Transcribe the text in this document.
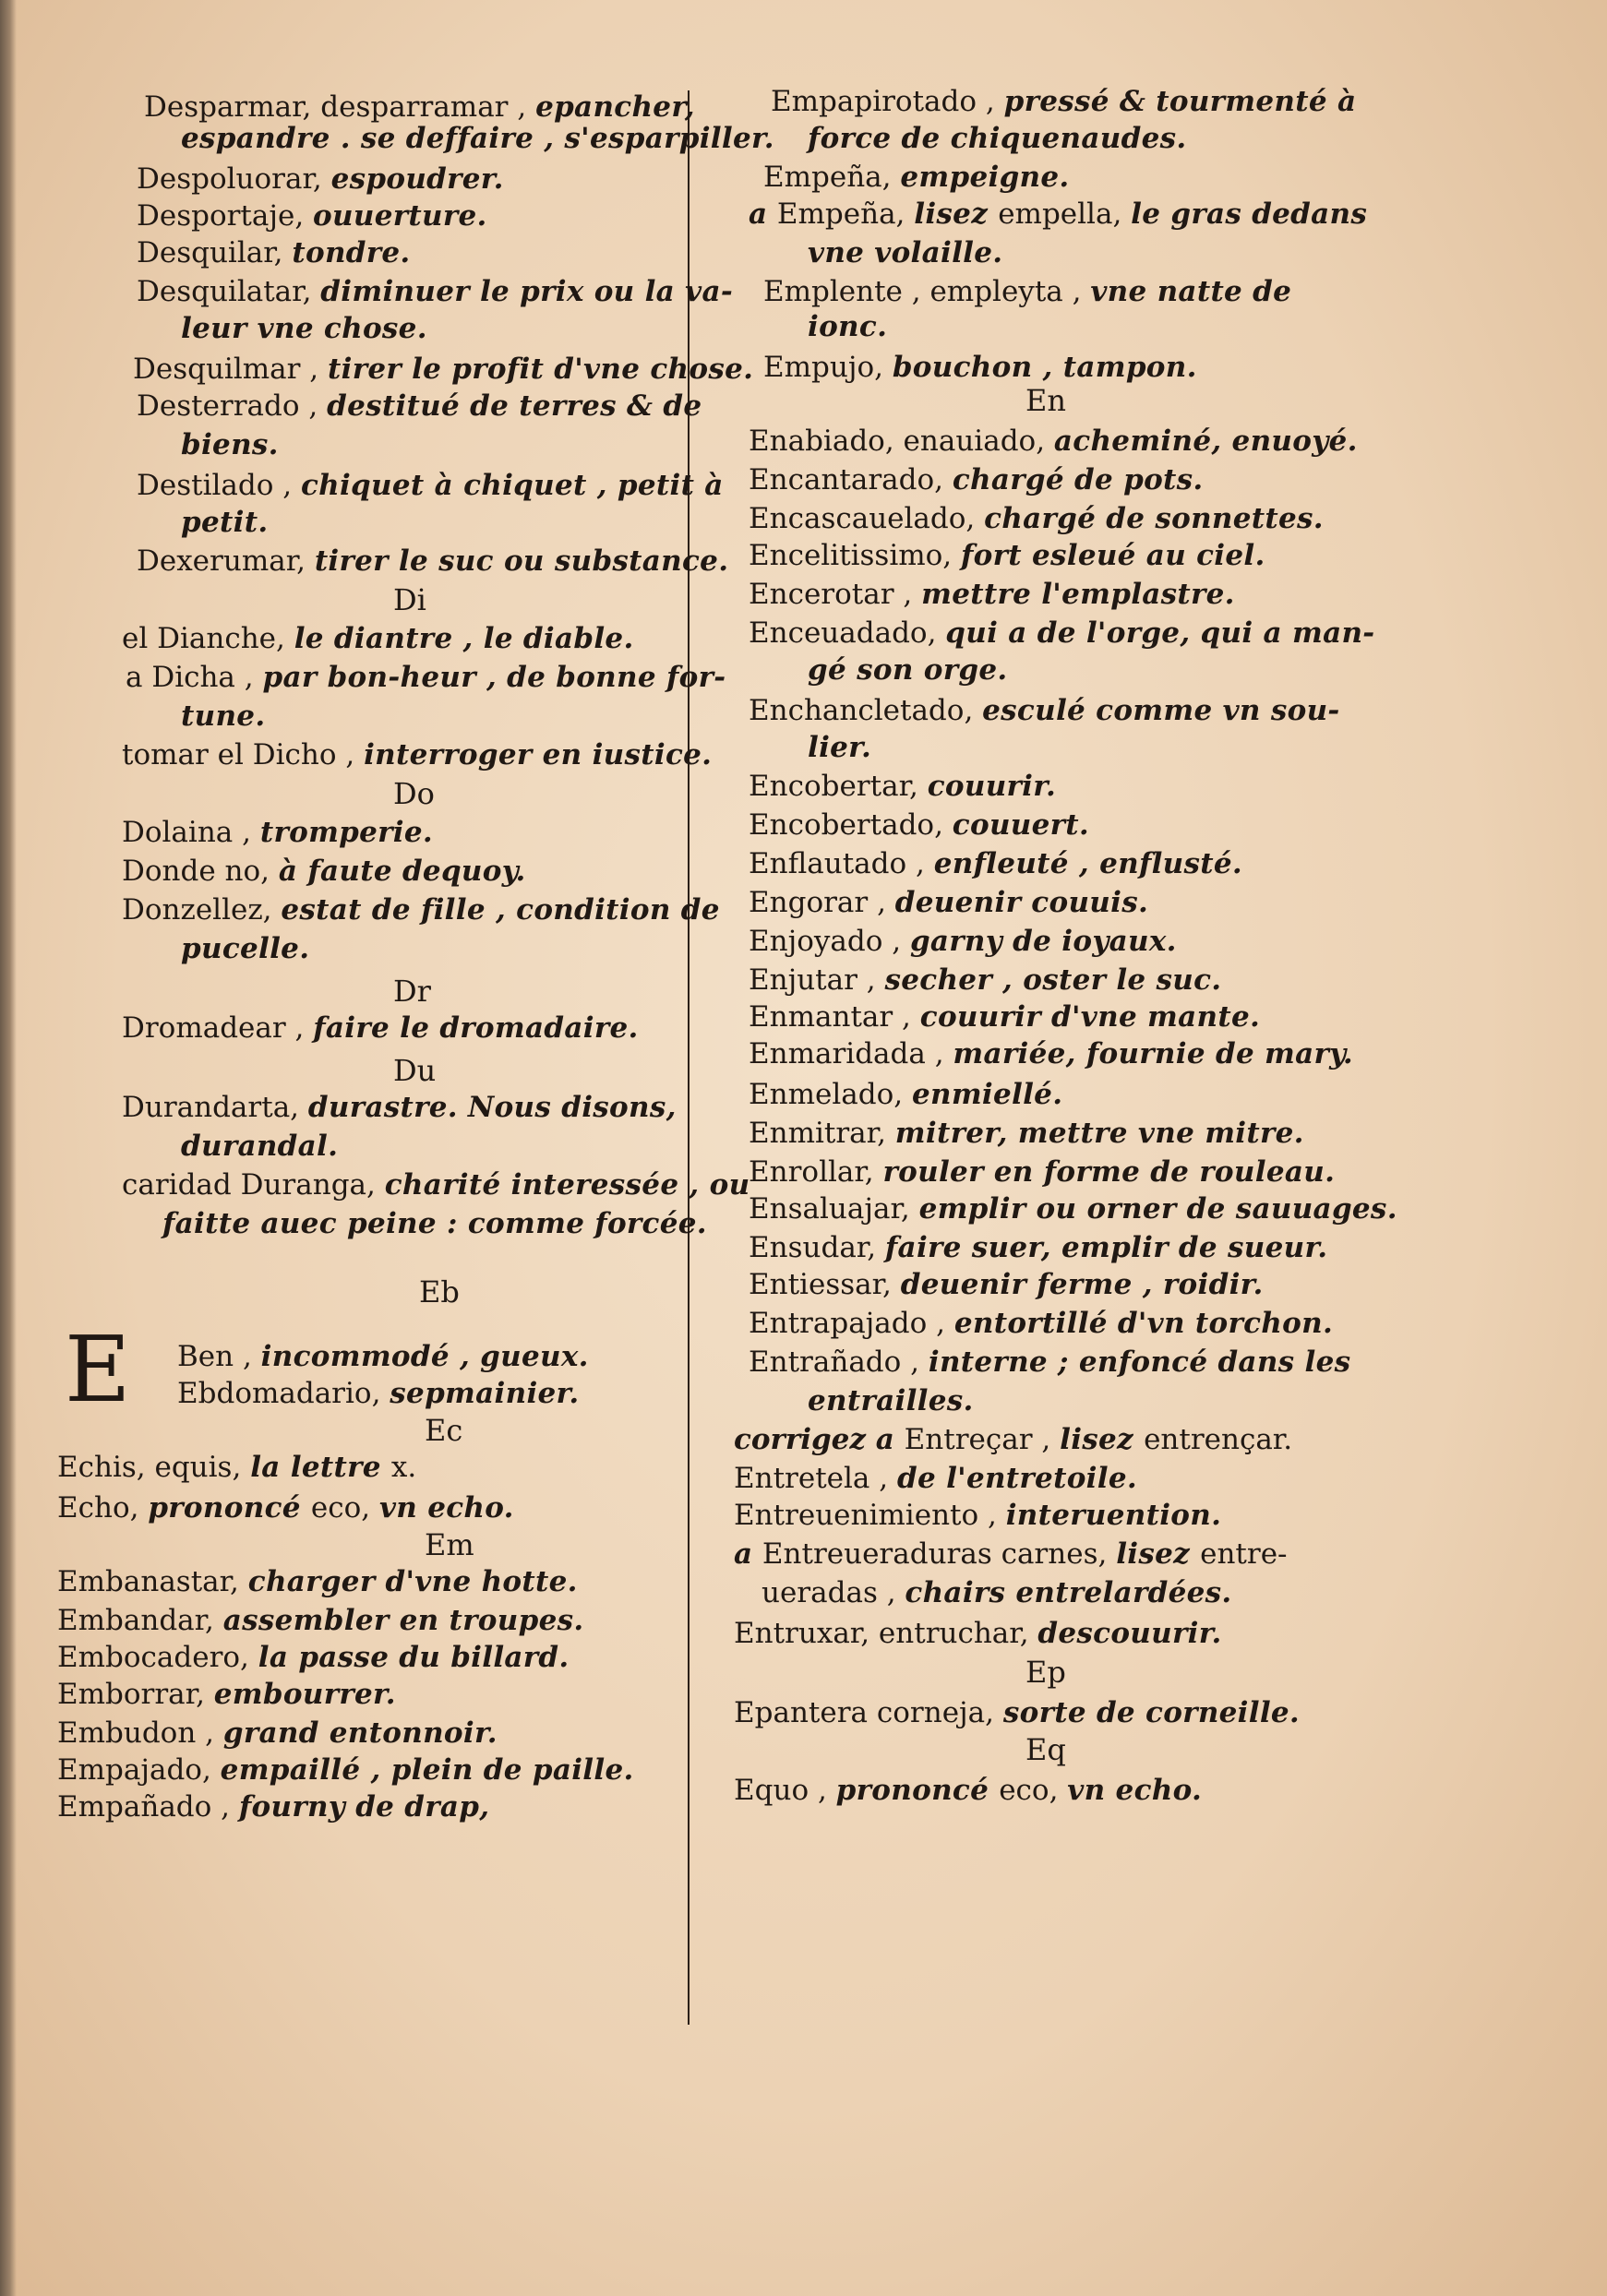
Desparmar, desparramar , epancher,
espandre . se deffaire , s'esparpiller.
Despoluorar, espoudrer.
Desportaje, ouuerture.
Desquilar, tondre.
Desquilatar, diminuer le prix ou la va-
leur vne chose.
Desquilmar , tirer le profit d'vne chose.
Desterrado , destitué de terres & de
biens.
Destilado , chiquet à chiquet , petit à
petit.
Dexerumar, tirer le suc ou substance.
Di
el Dianche, le diantre , le diable.
a Dicha , par bon-heur , de bonne for-
tune.
tomar el Dicho , interroger en iustice.
Do
Dolaina , tromperie.
Donde no, à faute dequoy.
Donzellez, estat de fille , condition de
pucelle.
Dr
Dromadear , faire le dromadaire.
Du
Durandarta, durastre. Nous disons,
durandal.
caridad Duranga, charité interessée , ou
faitte auec peine : comme forcée.
Eb
Ben , incommodé , gueux.
Ebdomadario, sepmainier.
Ec
Echis, equis, la lettre x.
Echo, prononcé eco, vn echo.
Em
Embanastar, charger d'vne hotte.
Embandar, assembler en troupes.
Embocadero, la passe du billard.
Emborrar, embourrer.
Embudon , grand entonnoir.
Empajado, empaillé , plein de paille.
Empañado , fourny de drap,
E
Empapirotado , pressé & tourmenté à
force de chiquenaudes.
Empeña, empeigne.
a Empeña, lisez empella, le gras dedans
vne volaille.
Emplente , empleyta , vne natte de
ionc.
Empujo, bouchon , tampon.
En
Enabiado, enauiado, acheminé, enuoyé.
Encantarado, chargé de pots.
Encascauelado, chargé de sonnettes.
Encelitissimo, fort esleué au ciel.
Encerotar , mettre l'emplastre.
Enceuadado, qui a de l'orge, qui a man-
gé son orge.
Enchancletado, esculé comme vn sou-
lier.
Encobertar, couurir.
Encobertado, couuert.
Enflautado , enfleuté , enflusté.
Engorar , deuenir couuis.
Enjoyado , garny de ioyaux.
Enjutar , secher , oster le suc.
Enmantar , couurir d'vne mante.
Enmaridada , mariée, fournie de mary.
Enmelado, enmiellé.
Enmitrar, mitrer, mettre vne mitre.
Enrollar, rouler en forme de rouleau.
Ensaluajar, emplir ou orner de sauuages.
Ensudar, faire suer, emplir de sueur.
Entiessar, deuenir ferme , roidir.
Entrapajado , entortillé d'vn torchon.
Entrañado , interne ; enfoncé dans les
entrailles.
corrigez a Entreçar , lisez entrençar.
Entretela , de l'entretoile.
Entreuenimiento , interuention.
a Entreueraduras carnes, lisez entre-
ueradas , chairs entrelardées.
Entruxar, entruchar, descouurir.
Ep
Epantera corneja, sorte de corneille.
Eq
Equo , prononcé eco, vn echo.
